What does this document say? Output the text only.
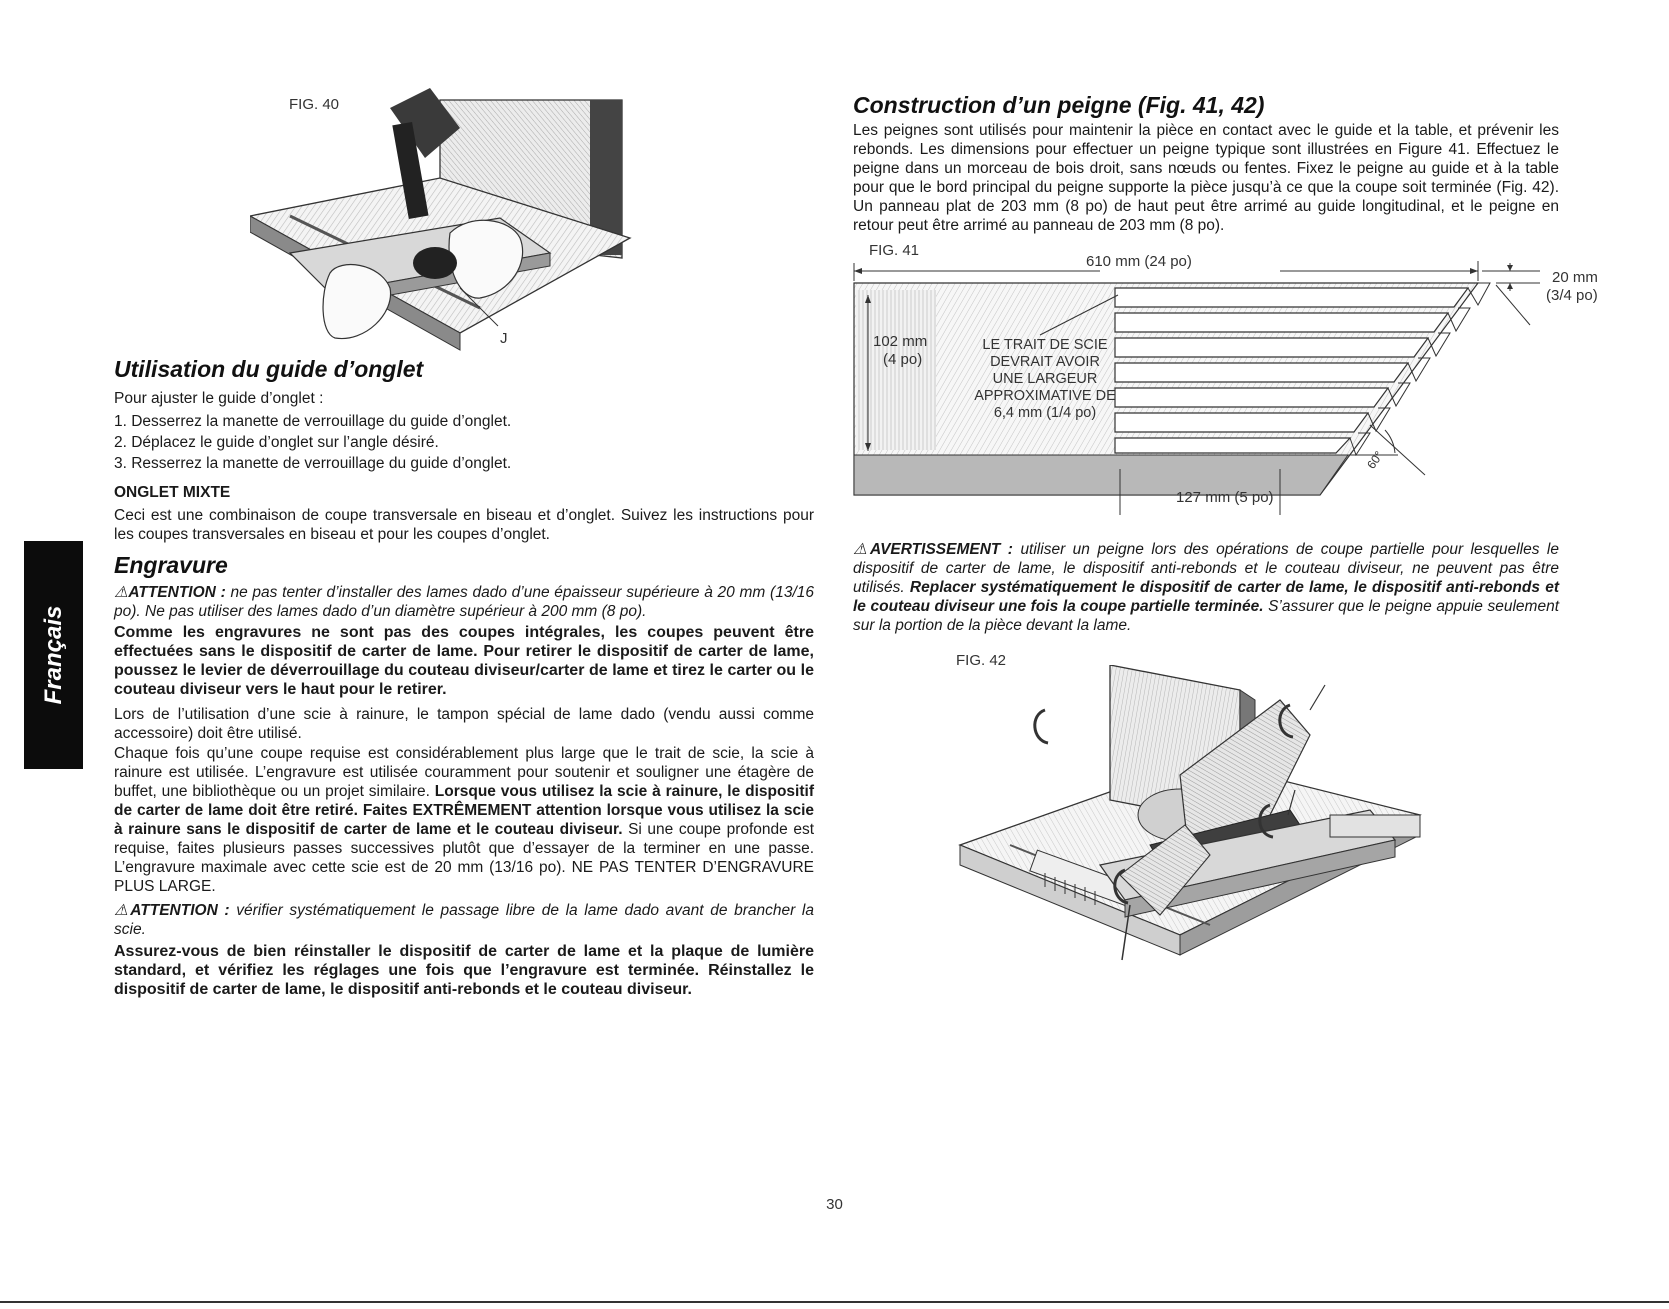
FIG. 40
J
Utilisation du guide d’onglet

Pour ajuster le guide d’onglet :

1. Desserrez la manette de verrouillage du guide d’onglet.
2. Déplacez le guide d’onglet sur l’angle désiré.
3. Resserrez la manette de verrouillage du guide d’onglet.
ONGLET MIXTE

Ceci est une combinaison de coupe transversale en biseau et d’onglet. Suivez les instructions pour les coupes transversales en biseau et pour les coupes d’onglet.

Engravure

⚠ATTENTION : ne pas tenter d’installer des lames dado d’une épaisseur supérieure à 20 mm (13/16 po). Ne pas utiliser des lames dado d’un diamètre supérieur à 200 mm (8 po).

Comme les engravures ne sont pas des coupes intégrales, les coupes peuvent être effectuées sans le dispositif de carter de lame. Pour retirer le dispositif de carter de lame, poussez le levier de déverrouillage du couteau diviseur/carter de lame et tirez le carter ou le couteau diviseur vers le haut pour le retirer.

Lors de l’utilisation d’une scie à rainure, le tampon spécial de lame dado (vendu aussi comme accessoire) doit être utilisé.

Chaque fois qu’une coupe requise est considérablement plus large que le trait de scie, la scie à rainure est utilisée. L’engravure est utilisée couramment pour soutenir et souligner une étagère de buffet, une bibliothèque ou un projet similaire. Lorsque vous utilisez la scie à rainure, le dispositif de carter de lame doit être retiré. Faites EXTRÊMEMENT attention lorsque vous utilisez la scie à rainure sans le dispositif de carter de lame et le couteau diviseur. Si une coupe profonde est requise, faites plusieurs passes successives plutôt que d’essayer de la terminer en une passe. L’engravure maximale avec cette scie est de 20 mm (13/16 po). NE PAS TENTER D’ENGRAVURE PLUS LARGE.

⚠ATTENTION : vérifier systématiquement le passage libre de la lame dado avant de brancher la scie.

Assurez-vous de bien réinstaller le dispositif de carter de lame et la plaque de lumière standard, et vérifiez les réglages une fois que l’engravure est terminée. Réinstallez le dispositif de carter de lame, le dispositif anti-rebonds et le couteau diviseur.

Français
Construction d’un peigne (Fig. 41, 42)

Les peignes sont utilisés pour maintenir la pièce en contact avec le guide et la table, et prévenir les rebonds. Les dimensions pour effectuer un peigne typique sont illustrées en Figure 41. Effectuez le peigne dans un morceau de bois droit, sans nœuds ou fentes. Fixez le peigne au guide et à la table pour que le bord principal du peigne supporte la pièce jusqu’à ce que la coupe soit terminée (Fig. 42). Un panneau plat de 203 mm (8 po) de haut peut être arrimé au guide longitudinal, et le peigne en retour peut être arrimé au panneau de 203 mm (8 po).

FIG. 41
610 mm (24 po)
20 mm
(3/4 po)
102 mm
(4 po)
LE TRAIT DE SCIE
DEVRAIT AVOIR
UNE LARGEUR
APPROXIMATIVE DE
6,4 mm (1/4 po)
60°
127 mm (5 po)

⚠AVERTISSEMENT : utiliser un peigne lors des opérations de coupe partielle pour lesquelles le dispositif de carter de lame, le dispositif anti-rebonds et le couteau diviseur, ne peuvent pas être utilisés. Replacer systématiquement le dispositif de carter de lame, le dispositif anti-rebonds et le couteau diviseur une fois la coupe partielle terminée. S’assurer que le peigne appuie seulement sur la portion de la pièce devant la lame.

FIG. 42
30
